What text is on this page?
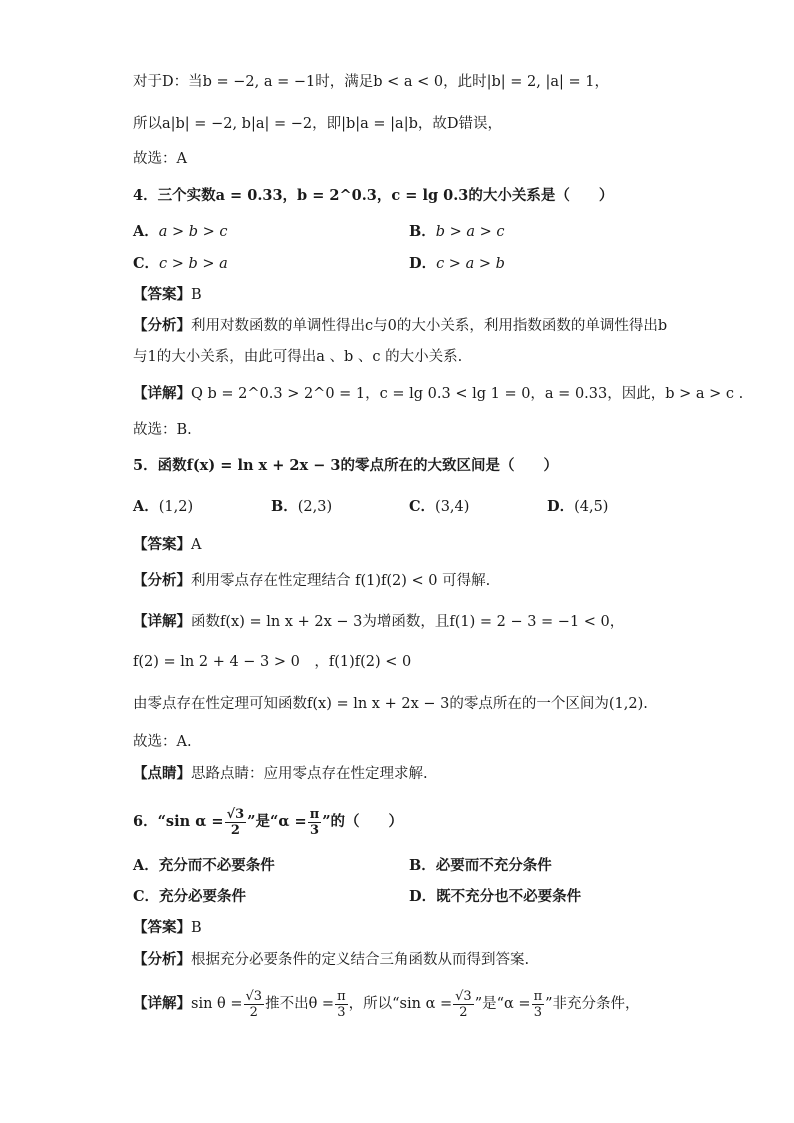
对于D：当b = −2, a = −1时，满足b < a < 0，此时|b| = 2, |a| = 1，
所以a|b| = −2, b|a| = −2，即|b|a = |a|b，故D错误，
故选：A
4．三个实数a = 0.33，b = 2^0.3，c = lg 0.3的大小关系是（　　）
A．a > b > c	B．b > a > c
C．c > b > a	D．c > a > b
【答案】B
【分析】利用对数函数的单调性得出c与0的大小关系，利用指数函数的单调性得出b
与1的大小关系，由此可得出a 、b 、c 的大小关系.
【详解】Q b = 2^0.3 > 2^0 = 1，c = lg 0.3 < lg 1 = 0，a = 0.33，因此，b > a > c .
故选：B.
5．函数f(x) = ln x + 2x − 3的零点所在的大致区间是（　　）
A．(1,2)	B．(2,3)	C．(3,4)	D．(4,5)
【答案】A
【分析】利用零点存在性定理结合 f(1)f(2) < 0 可得解.
【详解】函数f(x) = ln x + 2x − 3为增函数，且f(1) = 2 − 3 = −1 < 0，
f(2) = ln 2 + 4 − 3 > 0　，f(1)f(2) < 0
由零点存在性定理可知函数f(x) = ln x + 2x − 3的零点所在的一个区间为(1,2).
故选：A.
【点睛】思路点睛：应用零点存在性定理求解.
6．“sin $\alpha = \frac{√3}{2}$ ”是“$\alpha = \frac{\pi}{3}$ ”的（　　）
A．充分而不必要条件	B．必要而不充分条件
C．充分必要条件	D．既不充分也不必要条件
【答案】B
【分析】根据充分必要条件的定义结合三角函数从而得到答案.
【详解】$\sin \theta = \frac{√3}{2}$ 推不出$\theta = \frac{\pi}{3}$ ，所以“sin $\alpha = \frac{√3}{2}$ ”是“$\alpha = \frac{\pi}{3}$ ”非充分条件，
